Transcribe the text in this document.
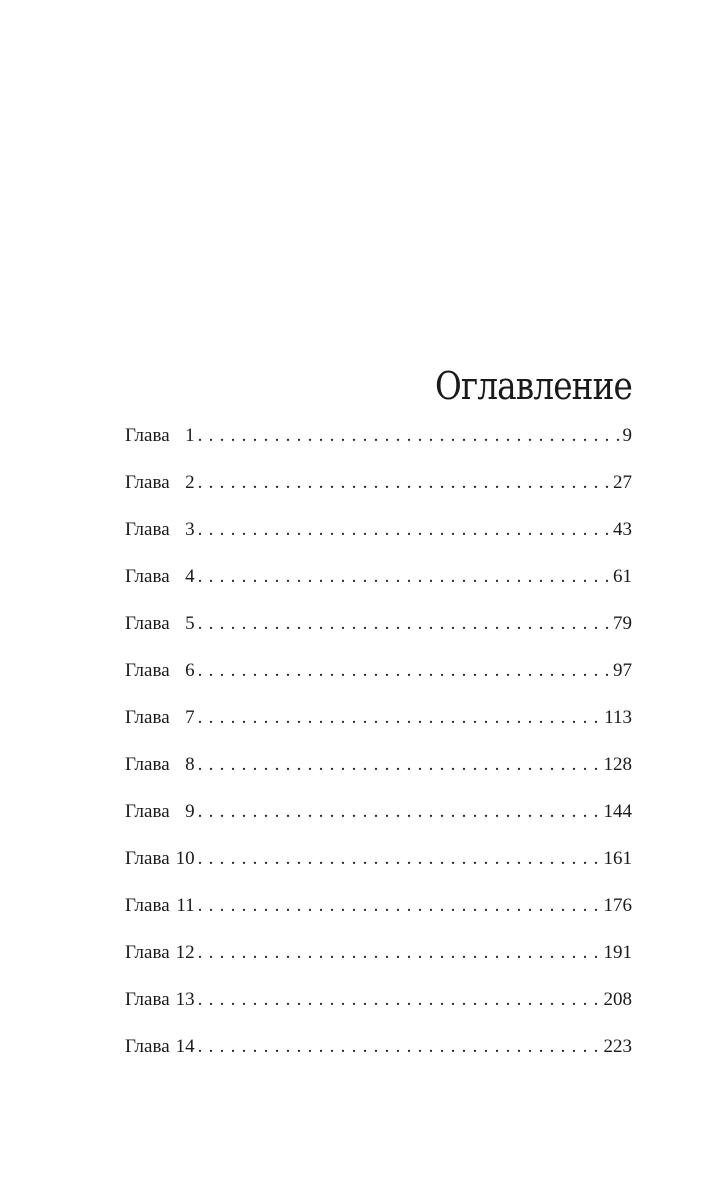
Оглавление
Глава 1 . . .	9
Глава 2 . . .	27
Глава 3 . . .	43
Глава 4 . . .	61
Глава 5 . . .	79
Глава 6 . . .	97
Глава 7 . . .	113
Глава 8 . . .	128
Глава 9 . . .	144
Глава 10 . . .	161
Глава 11 . . .	176
Глава 12 . . .	191
Глава 13 . . .	208
Глава 14 . . .	223
